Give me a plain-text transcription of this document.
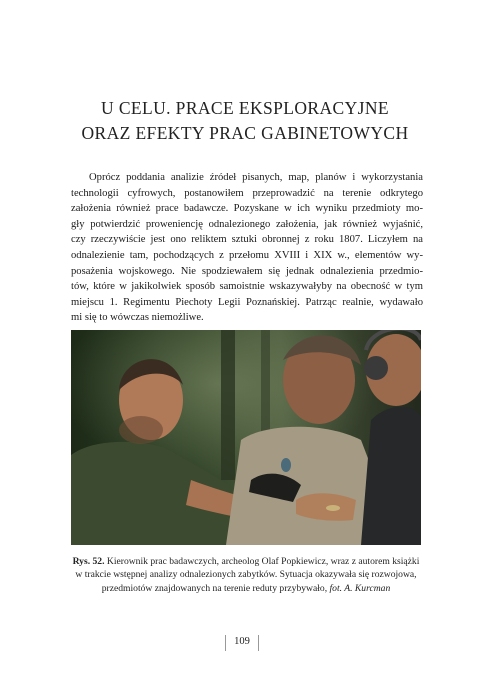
U CELU. PRACE EKSPLORACYJNE
ORAZ EFEKTY PRAC GABINETOWYCH
Oprócz poddania analizie źródeł pisanych, map, planów i wykorzystania
technologii cyfrowych, postanowiłem przeprowadzić na terenie odkrytego
założenia również prace badawcze. Pozyskane w ich wyniku przedmioty mo-
gły potwierdzić proweniencję odnalezionego założenia, jak również wyjaśnić,
czy rzeczywiście jest ono reliktem sztuki obronnej z roku 1807. Liczyłem na
odnalezienie tam, pochodzących z przełomu XVIII i XIX w., elementów wy-
posażenia wojskowego. Nie spodziewałem się jednak odnalezienia przedmio-
tów, które w jakikolwiek sposób samoistnie wskazywałyby na obecność w tym
miejscu 1. Regimentu Piechoty Legii Poznańskiej. Patrząc realnie, wydawało
mi się to wówczas niemożliwe.
Rys. 52. Kierownik prac badawczych, archeolog Olaf Popkiewicz, wraz z autorem książki
w trakcie wstępnej analizy odnalezionych zabytków. Sytuacja okazywała się rozwojowa,
przedmiotów znajdowanych na terenie reduty przybywało, fot. A. Kurcman
109
